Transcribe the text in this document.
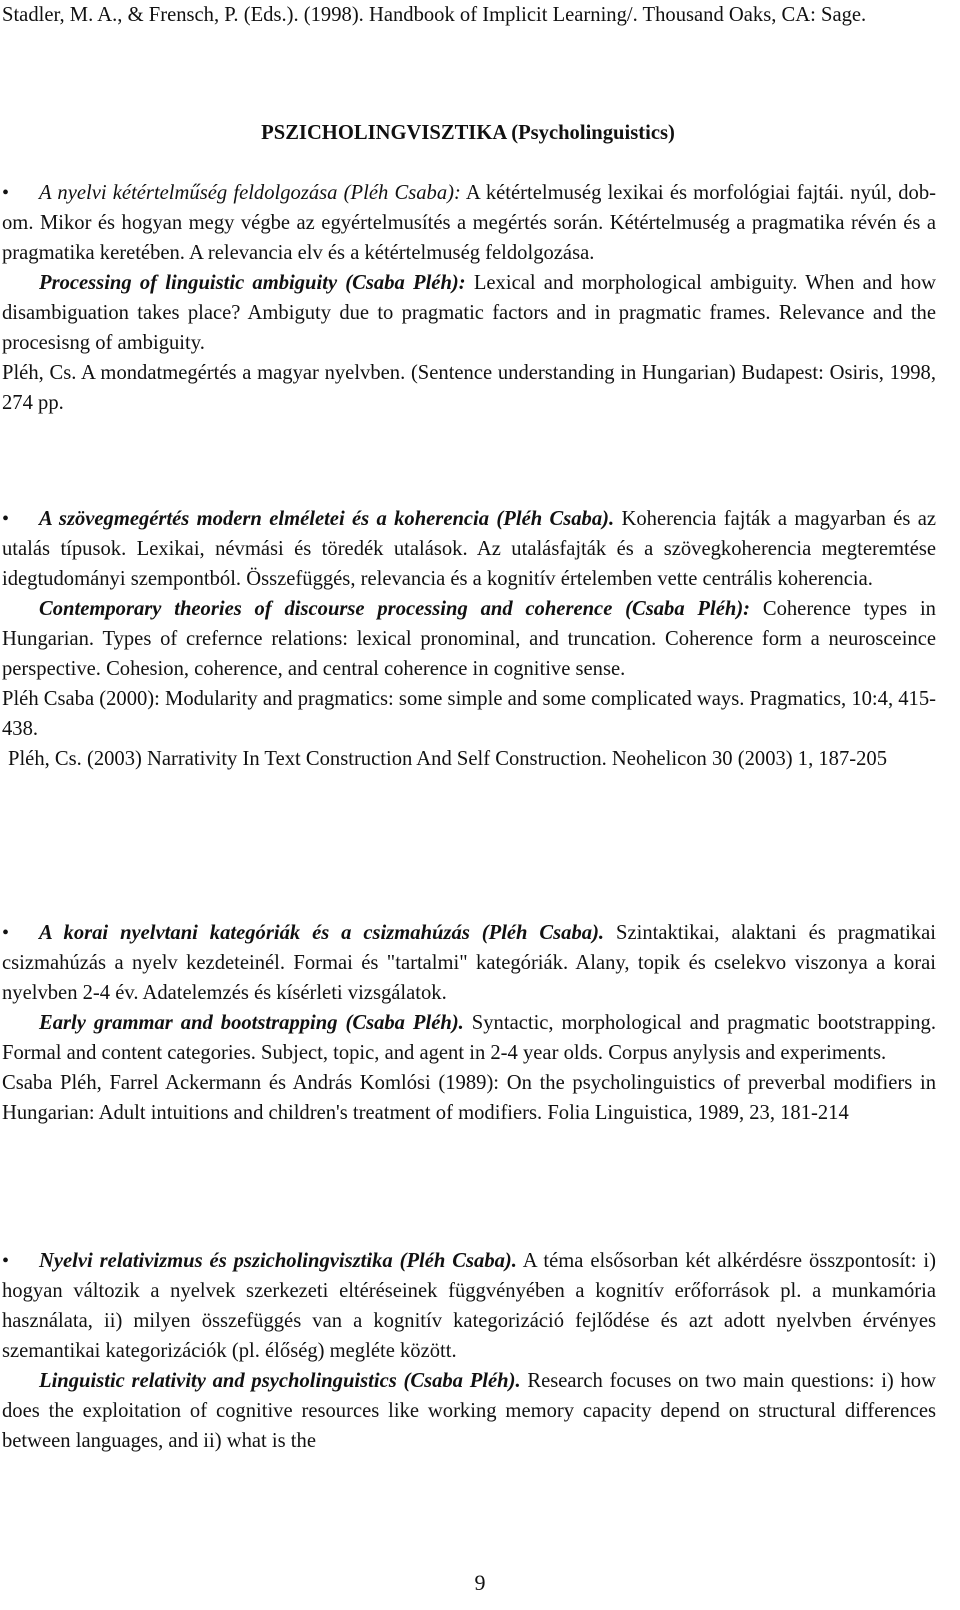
Stadler, M. A., & Frensch, P. (Eds.). (1998). Handbook of Implicit Learning/. Thousand Oaks, CA: Sage.

PSZICHOLINGVISZTIKA (Psycholinguistics)

•	A nyelvi kétértelműség feldolgozása (Pléh Csaba): A kétértelmuség lexikai és morfológiai fajtái. nyúl, dob-om. Mikor és hogyan megy végbe az egyértelmusítés a megértés során. Kétértelmuség a pragmatika révén és a pragmatika keretében. A relevancia elv és a kétértelmuség feldolgozása.

Processing of linguistic ambiguity (Csaba Pléh): Lexical and morphological ambiguity. When and how disambiguation takes place? Ambiguty due to pragmatic factors and in pragmatic frames. Relevance and the procesisng of ambiguity.

Pléh, Cs. A mondatmegértés a magyar nyelvben. (Sentence understanding in Hungarian) Budapest: Osiris, 1998, 274 pp.

•	A szövegmegértés modern elméletei és a koherencia (Pléh Csaba). Koherencia fajták a magyarban és az utalás típusok. Lexikai, névmási és töredék utalások. Az utalásfajták és a szövegkoherencia megteremtése idegtudományi szempontból. Összefüggés, relevancia és a kognitív értelemben vette centrális koherencia.

Contemporary theories of discourse processing and coherence (Csaba Pléh): Coherence types in Hungarian. Types of crefernce relations: lexical pronominal, and truncation. Coherence form a neurosceince perspective. Cohesion, coherence, and central coherence in cognitive sense.

Pléh Csaba (2000): Modularity and pragmatics: some simple and some complicated ways. Pragmatics, 10:4, 415-438.

Pléh, Cs. (2003) Narrativity In Text Construction And Self Construction. Neohelicon 30 (2003) 1, 187-205

•	A korai nyelvtani kategóriák és a csizmahúzás (Pléh Csaba). Szintaktikai, alaktani és pragmatikai csizmahúzás a nyelv kezdeteinél. Formai és "tartalmi" kategóriák. Alany, topik és cselekvo viszonya a korai nyelvben 2-4 év. Adatelemzés és kísérleti vizsgálatok.

Early grammar and bootstrapping (Csaba Pléh). Syntactic, morphological and pragmatic bootstrapping. Formal and content categories. Subject, topic, and agent in 2-4 year olds. Corpus anylysis and experiments.

Csaba Pléh, Farrel Ackermann és András Komlósi (1989): On the psycholinguistics of preverbal modifiers in Hungarian: Adult intuitions and children's treatment of modifiers. Folia Linguistica, 1989, 23, 181-214

•	Nyelvi relativizmus és pszicholingvisztika (Pléh Csaba). A téma elsősorban két alkérdésre összpontosít: i) hogyan változik a nyelvek szerkezeti eltéréseinek függvényében a kognitív erőforrások pl. a munkamória használata, ii) milyen összefüggés van a kognitív kategorizáció fejlődése és azt adott nyelvben érvényes szemantikai kategorizációk (pl. élőség) megléte között.

Linguistic relativity and psycholinguistics (Csaba Pléh). Research focuses on two main questions: i) how does the exploitation of cognitive resources like working memory capacity depend on structural differences between languages, and ii) what is the

9
